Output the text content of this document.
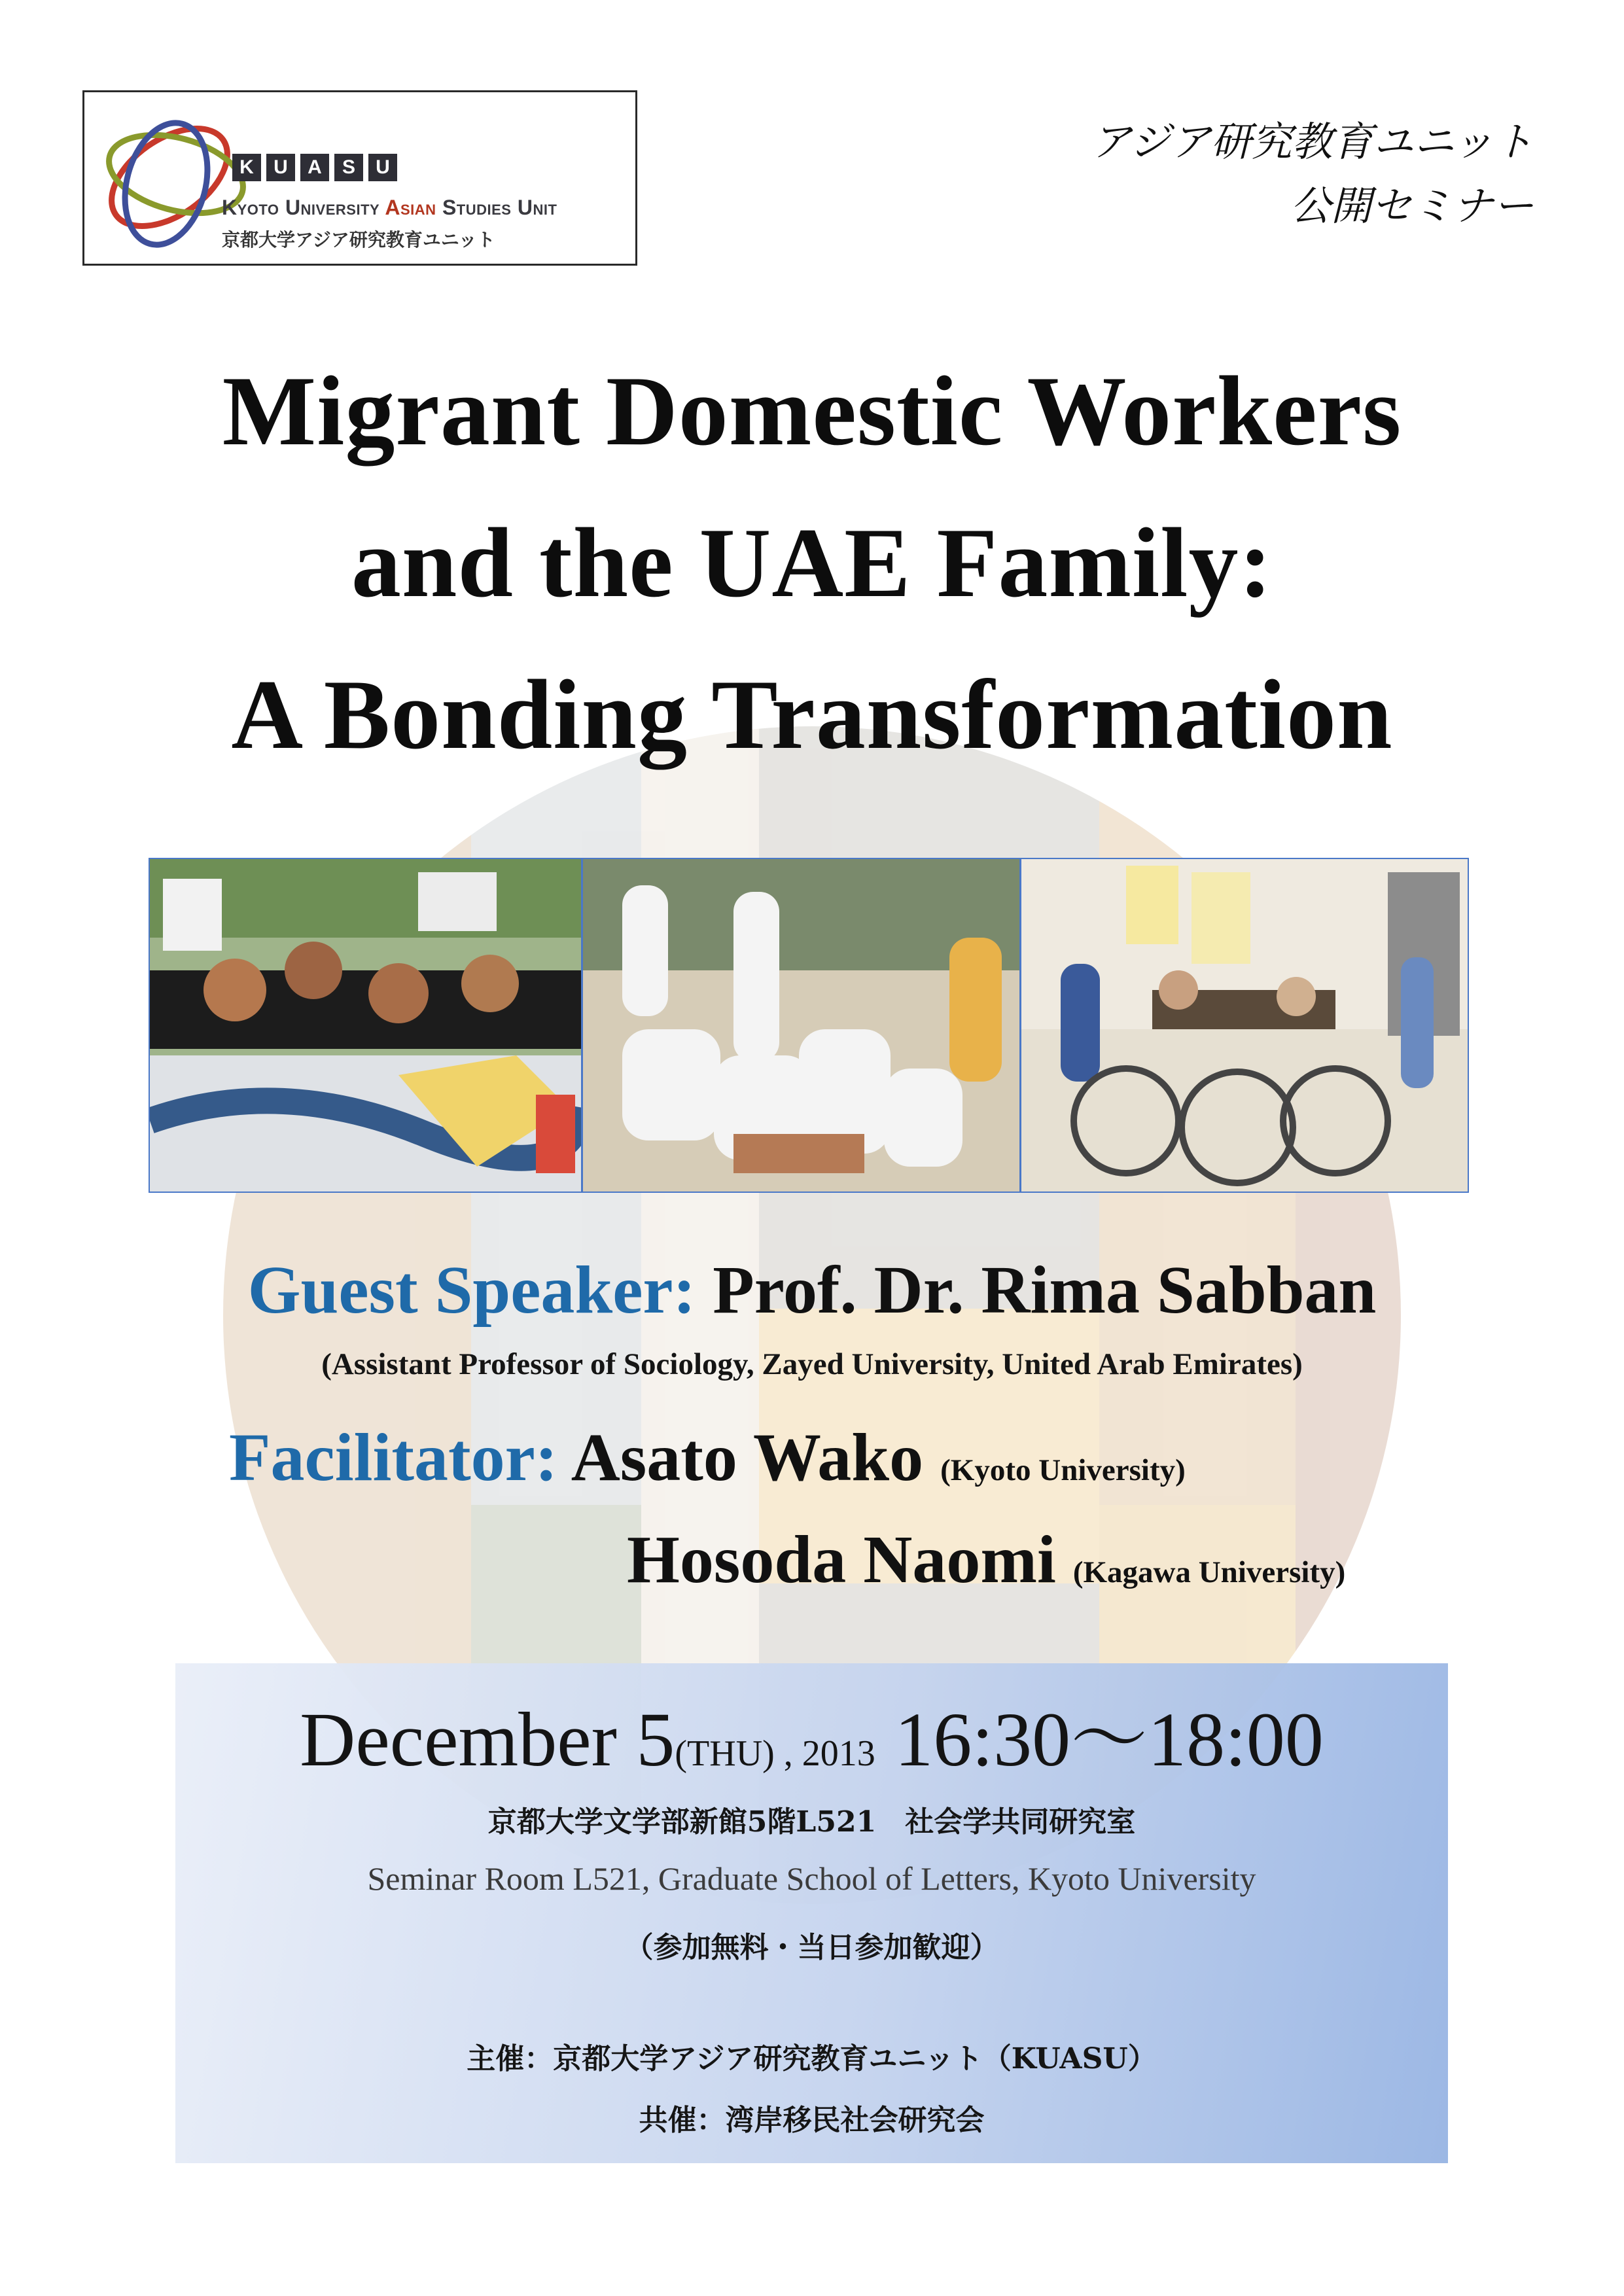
K	U	A	S	U
Kyoto University Asian Studies Unit
京都大学アジア研究教育ユニット
アジア研究教育ユニット
公開セミナー
Migrant Domestic Workers
and the UAE Family:
A Bonding Transformation
Guest Speaker: Prof. Dr. Rima Sabban
(Assistant Professor of Sociology, Zayed University, United Arab Emirates)
Facilitator: Asato Wako (Kyoto University)
Hosoda Naomi (Kagawa University)
December 5(THU) , 2013 16:30～18:00
京都大学文学部新館5階L521　社会学共同研究室
Seminar Room L521, Graduate School of Letters, Kyoto University
（参加無料・当日参加歓迎）
主催：京都大学アジア研究教育ユニット（KUASU）
共催：湾岸移民社会研究会
